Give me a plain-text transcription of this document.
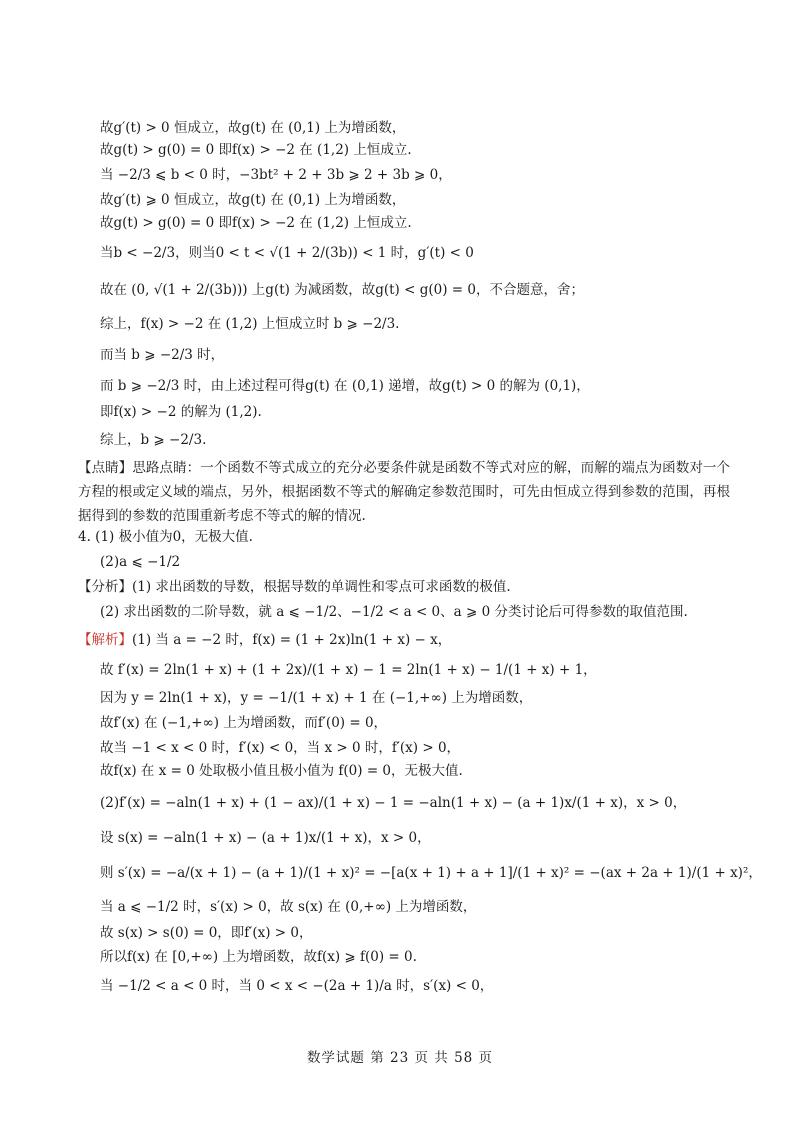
故g′(t) > 0 恒成立，故g(t) 在 (0,1) 上为增函数，
故g(t) > g(0) = 0 即f(x) > −2 在 (1,2) 上恒成立.
当 −2/3 ⩽ b < 0 时，−3bt² + 2 + 3b ⩾ 2 + 3b ⩾ 0，
故g′(t) ⩾ 0 恒成立，故g(t) 在 (0,1) 上为增函数，
故g(t) > g(0) = 0 即f(x) > −2 在 (1,2) 上恒成立.
当b < −2/3，则当0 < t < √(1 + 2/(3b)) < 1 时，g′(t) < 0
故在 (0, √(1 + 2/(3b))) 上g(t) 为减函数，故g(t) < g(0) = 0，不合题意，舍；
综上，f(x) > −2 在 (1,2) 上恒成立时 b ⩾ −2/3.
而当 b ⩾ −2/3 时，
而 b ⩾ −2/3 时，由上述过程可得g(t) 在 (0,1) 递增，故g(t) > 0 的解为 (0,1)，
即f(x) > −2 的解为 (1,2).
综上，b ⩾ −2/3.
【点睛】思路点睛：一个函数不等式成立的充分必要条件就是函数不等式对应的解，而解的端点为函数对一个方程的根或定义域的端点，另外，根据函数不等式的解确定参数范围时，可先由恒成立得到参数的范围，再根据得到的参数的范围重新考虑不等式的解的情况.
4. (1) 极小值为0，无极大值.
(2)a ⩽ −1/2
【分析】(1) 求出函数的导数，根据导数的单调性和零点可求函数的极值.
(2) 求出函数的二阶导数，就 a ⩽ −1/2、−1/2 < a < 0、a ⩾ 0 分类讨论后可得参数的取值范围.
【解析】(1) 当 a = −2 时，f(x) = (1 + 2x)ln(1 + x) − x，
故 f′(x) = 2ln(1 + x) + (1 + 2x)/(1 + x) − 1 = 2ln(1 + x) − 1/(1 + x) + 1，
因为 y = 2ln(1 + x)，y = −1/(1 + x) + 1 在 (−1,+∞) 上为增函数，
故f′(x) 在 (−1,+∞) 上为增函数，而f′(0) = 0，
故当 −1 < x < 0 时，f′(x) < 0，当 x > 0 时，f′(x) > 0，
故f(x) 在 x = 0 处取极小值且极小值为 f(0) = 0，无极大值.
(2)f′(x) = −aln(1 + x) + (1 − ax)/(1 + x) − 1 = −aln(1 + x) − (a + 1)x/(1 + x)，x > 0，
设 s(x) = −aln(1 + x) − (a + 1)x/(1 + x)，x > 0，
则 s′(x) = −a/(x + 1) − (a + 1)/(1 + x)² = −[a(x + 1) + a + 1]/(1 + x)² = −(ax + 2a + 1)/(1 + x)²，
当 a ⩽ −1/2 时，s′(x) > 0，故 s(x) 在 (0,+∞) 上为增函数，
故 s(x) > s(0) = 0，即f′(x) > 0，
所以f(x) 在 [0,+∞) 上为增函数，故f(x) ⩾ f(0) = 0.
当 −1/2 < a < 0 时，当 0 < x < −(2a + 1)/a 时，s′(x) < 0，
数学试题 第 23 页 共 58 页
